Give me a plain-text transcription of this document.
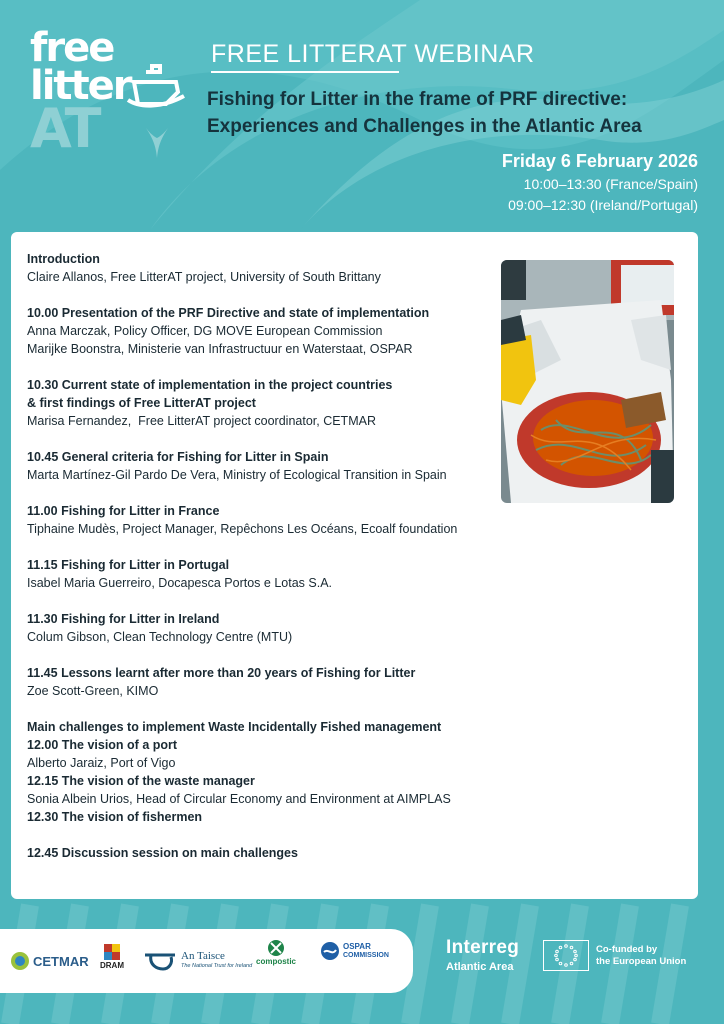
free
litter
AT
FREE LITTERAT WEBINAR
Fishing for Litter in the frame of PRF directive:
Experiences and Challenges in the Atlantic Area
Friday 6 February 2026
10:00–13:30 (France/Spain)
09:00–12:30 (Ireland/Portugal)
Introduction
Claire Allanos, Free LitterAT project, University of South Brittany
10.00 Presentation of the PRF Directive and state of implementation
Anna Marczak, Policy Officer, DG MOVE European Commission
Marijke Boonstra, Ministerie van Infrastructuur en Waterstaat, OSPAR
10.30 Current state of implementation in the project countries
& first findings of Free LitterAT project
Marisa Fernandez,  Free LitterAT project coordinator, CETMAR
10.45 General criteria for Fishing for Litter in Spain
Marta Martínez-Gil Pardo De Vera, Ministry of Ecological Transition in Spain
11.00 Fishing for Litter in France
Tiphaine Mudès, Project Manager, Repêchons Les Océans, Ecoalf foundation
11.15 Fishing for Litter in Portugal
Isabel Maria Guerreiro, Docapesca Portos e Lotas S.A.
11.30 Fishing for Litter in Ireland
Colum Gibson, Clean Technology Centre (MTU)
11.45 Lessons learnt after more than 20 years of Fishing for Litter
Zoe Scott-Green, KIMO
Main challenges to implement Waste Incidentally Fished management
12.00 The vision of a port
Alberto Jaraiz, Port of Vigo
12.15 The vision of the waste manager
Sonia Albein Urios, Head of Circular Economy and Environment at AIMPLAS
12.30 The vision of fishermen
12.45 Discussion session on main challenges
CETMAR DRAM
An Taisce
The National Trust for Ireland compostic
OSPAR
COMMISSION	Interreg
Atlantic Area
Co-funded by
the European Union
